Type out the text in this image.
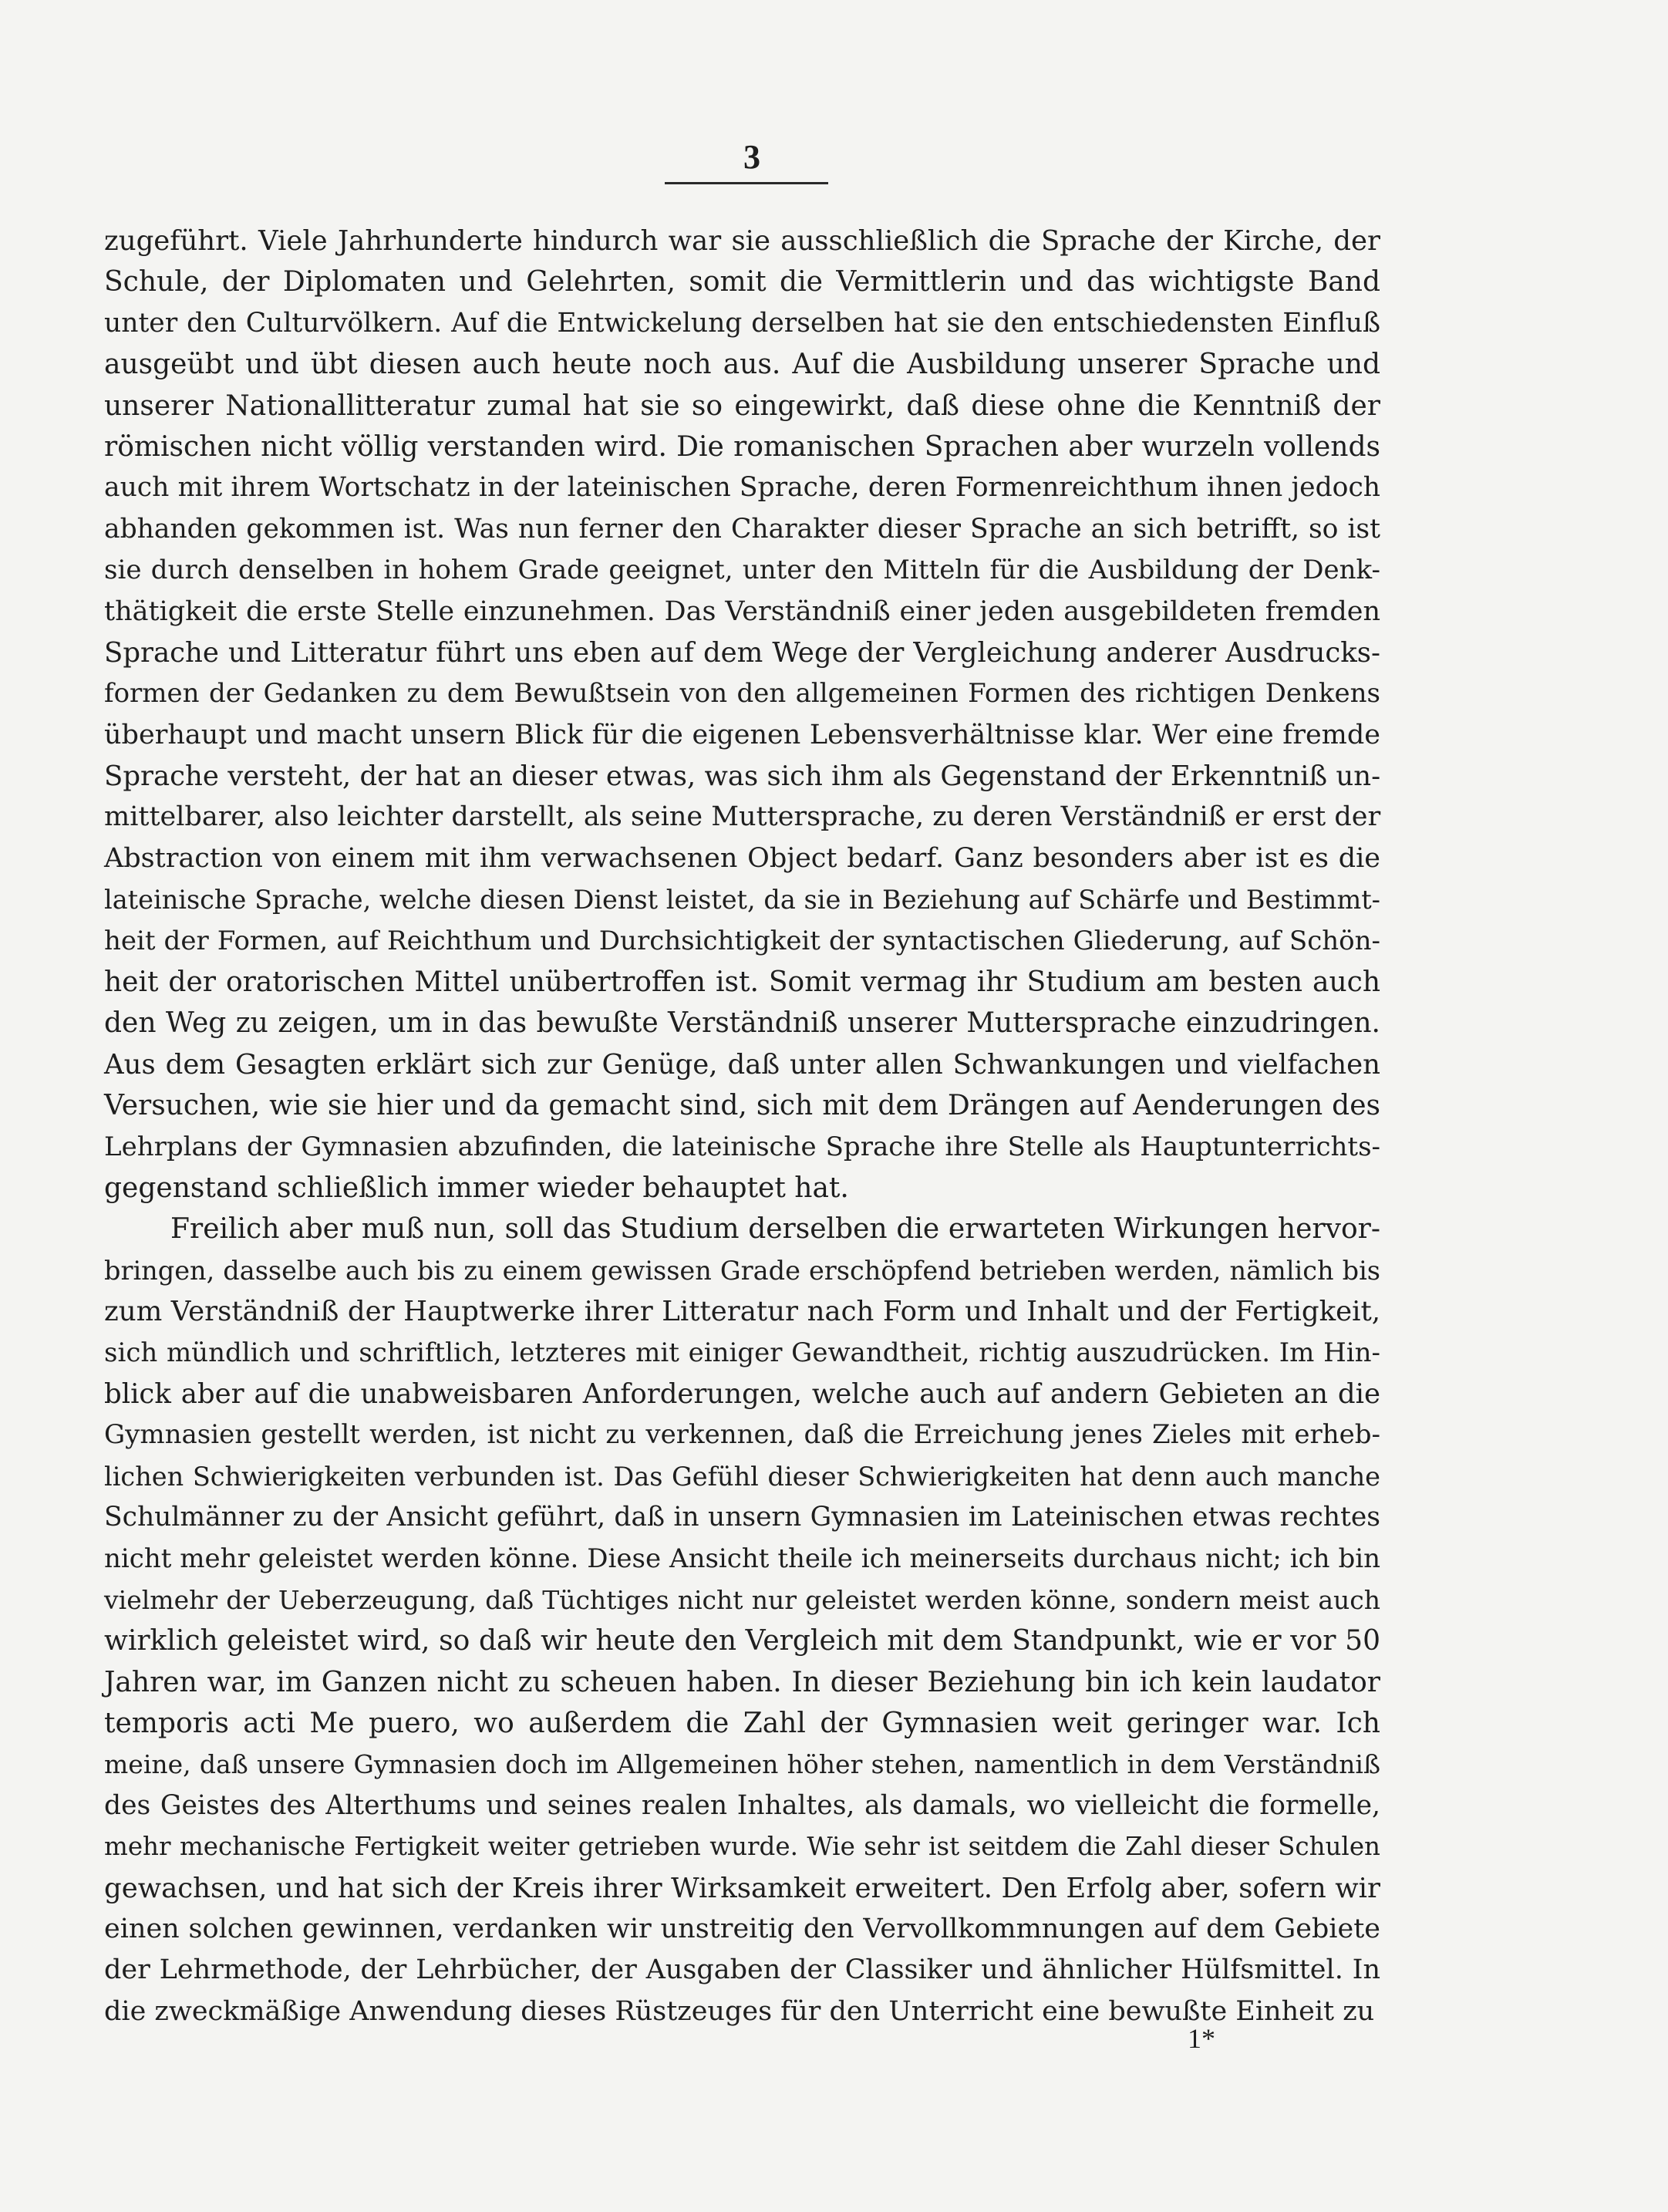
3
zugeführt. Viele Jahrhunderte hindurch war sie ausschließlich die Sprache der Kirche, der
Schule, der Diplomaten und Gelehrten, somit die Vermittlerin und das wichtigste Band
unter den Culturvölkern. Auf die Entwickelung derselben hat sie den entschiedensten Einfluß
ausgeübt und übt diesen auch heute noch aus. Auf die Ausbildung unserer Sprache und
unserer Nationallitteratur zumal hat sie so eingewirkt, daß diese ohne die Kenntniß der
römischen nicht völlig verstanden wird. Die romanischen Sprachen aber wurzeln vollends
auch mit ihrem Wortschatz in der lateinischen Sprache, deren Formenreichthum ihnen jedoch
abhanden gekommen ist. Was nun ferner den Charakter dieser Sprache an sich betrifft, so ist
sie durch denselben in hohem Grade geeignet, unter den Mitteln für die Ausbildung der Denk-
thätigkeit die erste Stelle einzunehmen. Das Verständniß einer jeden ausgebildeten fremden
Sprache und Litteratur führt uns eben auf dem Wege der Vergleichung anderer Ausdrucks-
formen der Gedanken zu dem Bewußtsein von den allgemeinen Formen des richtigen Denkens
überhaupt und macht unsern Blick für die eigenen Lebensverhältnisse klar. Wer eine fremde
Sprache versteht, der hat an dieser etwas, was sich ihm als Gegenstand der Erkenntniß un-
mittelbarer, also leichter darstellt, als seine Muttersprache, zu deren Verständniß er erst der
Abstraction von einem mit ihm verwachsenen Object bedarf. Ganz besonders aber ist es die
lateinische Sprache, welche diesen Dienst leistet, da sie in Beziehung auf Schärfe und Bestimmt-
heit der Formen, auf Reichthum und Durchsichtigkeit der syntactischen Gliederung, auf Schön-
heit der oratorischen Mittel unübertroffen ist. Somit vermag ihr Studium am besten auch
den Weg zu zeigen, um in das bewußte Verständniß unserer Muttersprache einzudringen.
Aus dem Gesagten erklärt sich zur Genüge, daß unter allen Schwankungen und vielfachen
Versuchen, wie sie hier und da gemacht sind, sich mit dem Drängen auf Aenderungen des
Lehrplans der Gymnasien abzufinden, die lateinische Sprache ihre Stelle als Hauptunterrichts-
gegenstand schließlich immer wieder behauptet hat.
Freilich aber muß nun, soll das Studium derselben die erwarteten Wirkungen hervor-
bringen, dasselbe auch bis zu einem gewissen Grade erschöpfend betrieben werden, nämlich bis
zum Verständniß der Hauptwerke ihrer Litteratur nach Form und Inhalt und der Fertigkeit,
sich mündlich und schriftlich, letzteres mit einiger Gewandtheit, richtig auszudrücken. Im Hin-
blick aber auf die unabweisbaren Anforderungen, welche auch auf andern Gebieten an die
Gymnasien gestellt werden, ist nicht zu verkennen, daß die Erreichung jenes Zieles mit erheb-
lichen Schwierigkeiten verbunden ist. Das Gefühl dieser Schwierigkeiten hat denn auch manche
Schulmänner zu der Ansicht geführt, daß in unsern Gymnasien im Lateinischen etwas rechtes
nicht mehr geleistet werden könne. Diese Ansicht theile ich meinerseits durchaus nicht; ich bin
vielmehr der Ueberzeugung, daß Tüchtiges nicht nur geleistet werden könne, sondern meist auch
wirklich geleistet wird, so daß wir heute den Vergleich mit dem Standpunkt, wie er vor 50
Jahren war, im Ganzen nicht zu scheuen haben. In dieser Beziehung bin ich kein laudator
temporis acti Me puero, wo außerdem die Zahl der Gymnasien weit geringer war. Ich
meine, daß unsere Gymnasien doch im Allgemeinen höher stehen, namentlich in dem Verständniß
des Geistes des Alterthums und seines realen Inhaltes, als damals, wo vielleicht die formelle,
mehr mechanische Fertigkeit weiter getrieben wurde. Wie sehr ist seitdem die Zahl dieser Schulen
gewachsen, und hat sich der Kreis ihrer Wirksamkeit erweitert. Den Erfolg aber, sofern wir
einen solchen gewinnen, verdanken wir unstreitig den Vervollkommnungen auf dem Gebiete
der Lehrmethode, der Lehrbücher, der Ausgaben der Classiker und ähnlicher Hülfsmittel. In
die zweckmäßige Anwendung dieses Rüstzeuges für den Unterricht eine bewußte Einheit zu
1*
